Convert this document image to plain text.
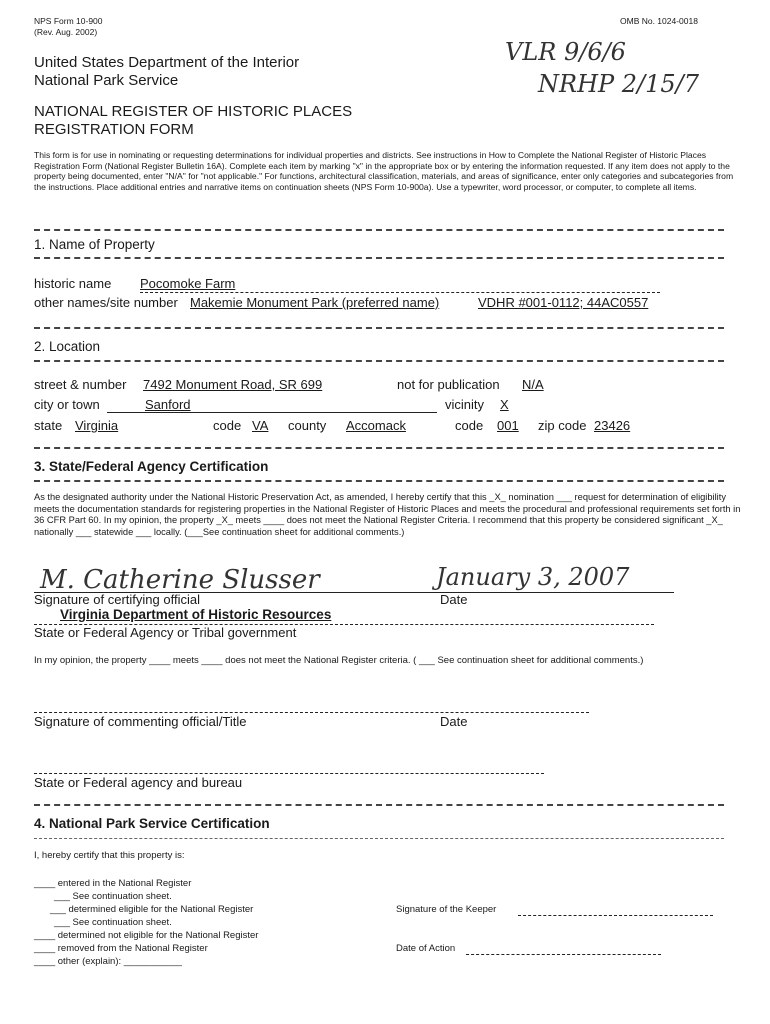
NPS Form 10-900
(Rev. Aug. 2002)
OMB No. 1024-0018
United States Department of the Interior
National Park Service
VLR 9/6/6
NRHP 2/15/7
NATIONAL REGISTER OF HISTORIC PLACES
REGISTRATION FORM
This form is for use in nominating or requesting determinations for individual properties and districts. See instructions in How to Complete the National Register of Historic Places Registration Form (National Register Bulletin 16A). Complete each item by marking "x" in the appropriate box or by entering the information requested. If any item does not apply to the property being documented, enter "N/A" for "not applicable." For functions, architectural classification, materials, and areas of significance, enter only categories and subcategories from the instructions. Place additional entries and narrative items on continuation sheets (NPS Form 10-900a). Use a typewriter, word processor, or computer, to complete all items.
1. Name of Property
historic name Pocomoke Farm
other names/site number Makemie Monument Park (preferred name)	VDHR #001-0112; 44AC0557
2. Location
street & number 7492 Monument Road, SR 699	not for publication N/A
city or town	Sanford	vicinity X
state Virginia	code VA county Accomack	code 001 zip code 23426
3. State/Federal Agency Certification
As the designated authority under the National Historic Preservation Act, as amended, I hereby certify that this _X_ nomination ___ request for determination of eligibility meets the documentation standards for registering properties in the National Register of Historic Places and meets the procedural and professional requirements set forth in 36 CFR Part 60. In my opinion, the property _X_ meets ____ does not meet the National Register Criteria. I recommend that this property be considered significant _X_ nationally ___ statewide ___ locally. (___See continuation sheet for additional comments.)
M. Catherine Slusser	January 3, 2007
Signature of certifying official	Date
Virginia Department of Historic Resources
State or Federal Agency or Tribal government
In my opinion, the property ____ meets ____ does not meet the National Register criteria. ( ___ See continuation sheet for additional comments.)
Signature of commenting official/Title	Date
State or Federal agency and bureau
4. National Park Service Certification
I, hereby certify that this property is:
____ entered in the National Register
___ See continuation sheet.
___ determined eligible for the National Register
___ See continuation sheet.
____ determined not eligible for the National Register
____ removed from the National Register
____ other (explain): ___________
Signature of the Keeper
Date of Action
